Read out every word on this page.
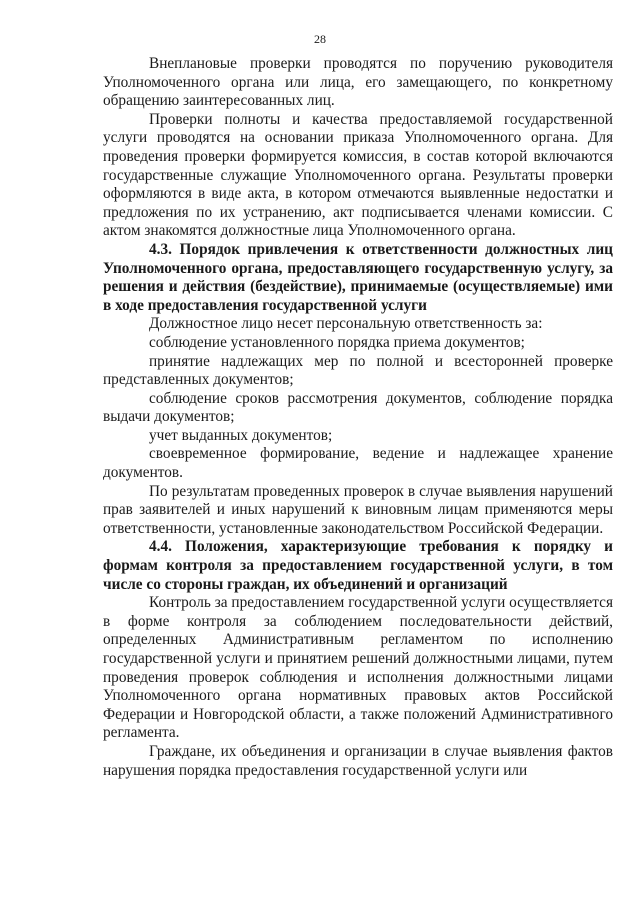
28

Внеплановые проверки проводятся по поручению руководителя Уполномоченного органа или лица, его замещающего, по конкретному обращению заинтересованных лиц.

Проверки полноты и качества предоставляемой государственной услуги проводятся на основании приказа Уполномоченного органа. Для проведения проверки формируется комиссия, в состав которой включаются государственные служащие Уполномоченного органа. Результаты проверки оформляются в виде акта, в котором отмечаются выявленные недостатки и предложения по их устранению, акт подписывается членами комиссии. С актом знакомятся должностные лица Уполномоченного органа.

4.3. Порядок привлечения к ответственности должностных лиц Уполномоченного органа, предоставляющего государственную услугу, за решения и действия (бездействие), принимаемые (осуществляемые) ими в ходе предоставления государственной услуги

Должностное лицо несет персональную ответственность за:

соблюдение установленного порядка приема документов;

принятие надлежащих мер по полной и всесторонней проверке представленных документов;

соблюдение сроков рассмотрения документов, соблюдение порядка выдачи документов;

учет выданных документов;

своевременное формирование, ведение и надлежащее хранение документов.

По результатам проведенных проверок в случае выявления нарушений прав заявителей и иных нарушений к виновным лицам применяются меры ответственности, установленные законодательством Российской Федерации.

4.4. Положения, характеризующие требования к порядку и формам контроля за предоставлением государственной услуги, в том числе со стороны граждан, их объединений и организаций

Контроль за предоставлением государственной услуги осуществляется в форме контроля за соблюдением последовательности действий, определенных Административным регламентом по исполнению государственной услуги и принятием решений должностными лицами, путем проведения проверок соблюдения и исполнения должностными лицами Уполномоченного органа нормативных правовых актов Российской Федерации и Новгородской области, а также положений Административного регламента.

Граждане, их объединения и организации в случае выявления фактов нарушения порядка предоставления государственной услуги или
